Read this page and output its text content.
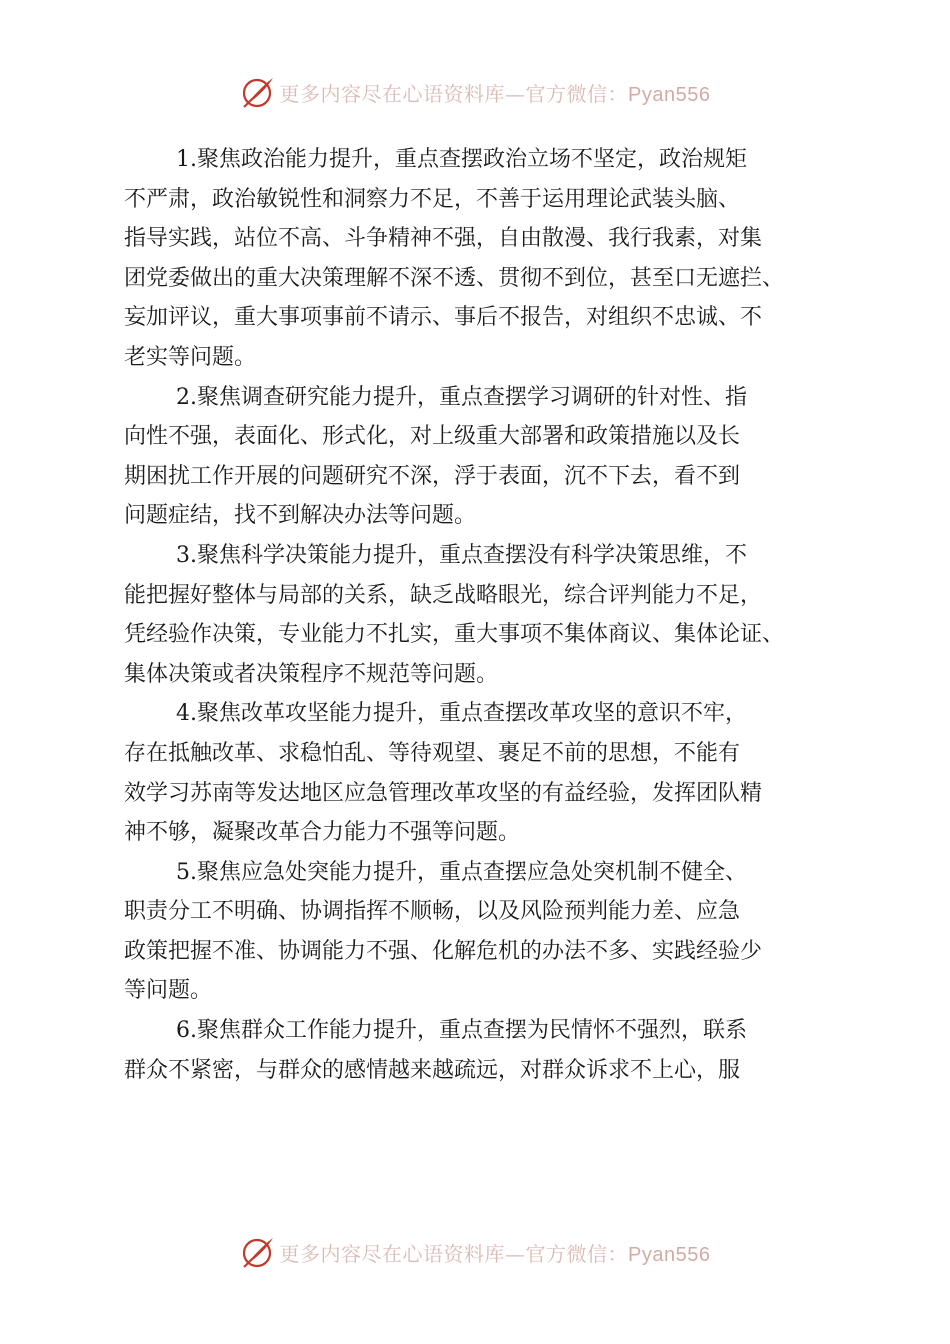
更多内容尽在心语资料库—官方微信：Pyan556

1.聚焦政治能力提升，重点查摆政治立场不坚定，政治规矩
不严肃，政治敏锐性和洞察力不足，不善于运用理论武装头脑、
指导实践，站位不高、斗争精神不强，自由散漫、我行我素，对集
团党委做出的重大决策理解不深不透、贯彻不到位，甚至口无遮拦、
妄加评议，重大事项事前不请示、事后不报告，对组织不忠诚、不
老实等问题。

2.聚焦调查研究能力提升，重点查摆学习调研的针对性、指
向性不强，表面化、形式化，对上级重大部署和政策措施以及长
期困扰工作开展的问题研究不深，浮于表面，沉不下去，看不到
问题症结，找不到解决办法等问题。

3.聚焦科学决策能力提升，重点查摆没有科学决策思维，不
能把握好整体与局部的关系，缺乏战略眼光，综合评判能力不足，
凭经验作决策，专业能力不扎实，重大事项不集体商议、集体论证、
集体决策或者决策程序不规范等问题。

4.聚焦改革攻坚能力提升，重点查摆改革攻坚的意识不牢，
存在抵触改革、求稳怕乱、等待观望、裹足不前的思想，不能有
效学习苏南等发达地区应急管理改革攻坚的有益经验，发挥团队精
神不够，凝聚改革合力能力不强等问题。

5.聚焦应急处突能力提升，重点查摆应急处突机制不健全、
职责分工不明确、协调指挥不顺畅，以及风险预判能力差、应急
政策把握不准、协调能力不强、化解危机的办法不多、实践经验少
等问题。

6.聚焦群众工作能力提升，重点查摆为民情怀不强烈，联系
群众不紧密，与群众的感情越来越疏远，对群众诉求不上心，服

更多内容尽在心语资料库—官方微信：Pyan556
